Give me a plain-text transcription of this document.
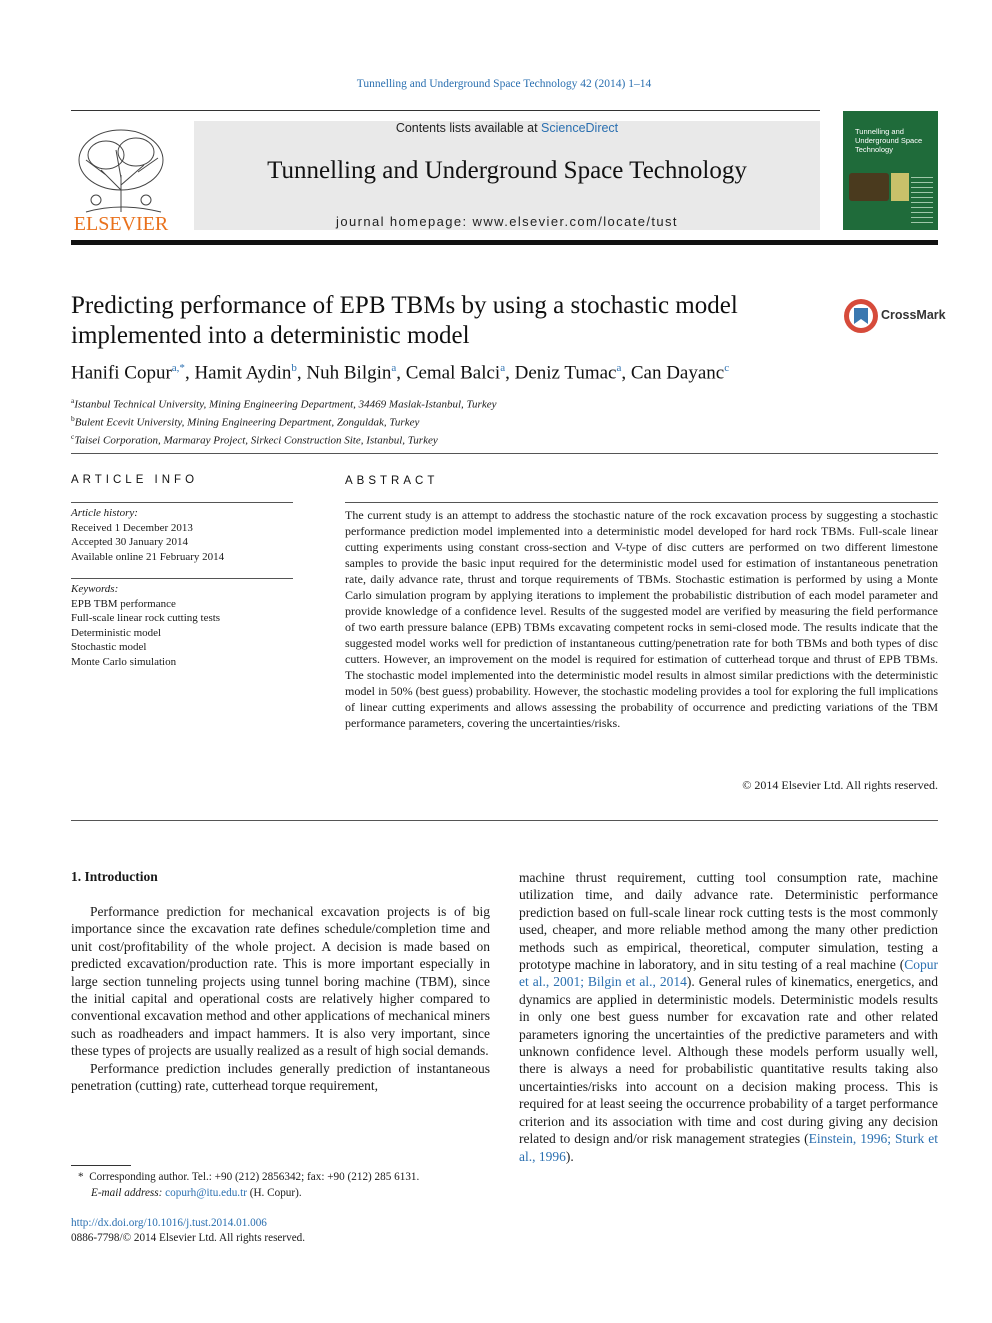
Tunnelling and Underground Space Technology 42 (2014) 1–14
ELSEVIER
Contents lists available at ScienceDirect
Tunnelling and Underground Space Technology
journal homepage: www.elsevier.com/locate/tust
Tunnelling and Underground Space Technology
Predicting performance of EPB TBMs by using a stochastic model implemented into a deterministic model
CrossMark
Hanifi Copur$^{a,*}$, Hamit Aydin$^b$, Nuh Bilgin$^a$, Cemal Balci$^a$, Deniz Tumac$^a$, Can Dayanc$^c$
$^a$Istanbul Technical University, Mining Engineering Department, 34469 Maslak-Istanbul, Turkey
$^b$Bulent Ecevit University, Mining Engineering Department, Zonguldak, Turkey
$^c$Taisei Corporation, Marmaray Project, Sirkeci Construction Site, Istanbul, Turkey
ARTICLE INFO
Article history:
Received 1 December 2013
Accepted 30 January 2014
Available online 21 February 2014
Keywords:
EPB TBM performance
Full-scale linear rock cutting tests
Deterministic model
Stochastic model
Monte Carlo simulation
ABSTRACT
The current study is an attempt to address the stochastic nature of the rock excavation process by suggesting a stochastic performance prediction model implemented into a deterministic model developed for hard rock TBMs. Full-scale linear cutting experiments using constant cross-section and V-type of disc cutters are performed on two different limestone samples to provide the basic input required for the deterministic model used for estimation of instantaneous penetration rate, daily advance rate, thrust and torque requirements of TBMs. Stochastic estimation is performed by using a Monte Carlo simulation program by applying iterations to implement the probabilistic distribution of each model parameter and provide knowledge of a confidence level. Results of the suggested model are verified by measuring the field performance of two earth pressure balance (EPB) TBMs excavating competent rocks in semi-closed mode. The results indicate that the suggested model works well for prediction of instantaneous cutting/penetration rate for both TBMs and both types of disc cutters. However, an improvement on the model is required for estimation of cutterhead torque and thrust of EPB TBMs. The stochastic model implemented into the deterministic model results in almost similar predictions with the deterministic model in 50% (best guess) probability. However, the stochastic modeling provides a tool for exploring the full implications of linear cutting experiments and allows assessing the probability of occurrence and predicting variations of the TBM performance parameters, covering the uncertainties/risks.
© 2014 Elsevier Ltd. All rights reserved.
1. Introduction

Performance prediction for mechanical excavation projects is of big importance since the excavation rate defines schedule/completion time and unit cost/profitability of the whole project. A decision is made based on predicted excavation/production rate. This is more important especially in large section tunneling projects using tunnel boring machine (TBM), since the initial capital and operational costs are relatively higher compared to conventional excavation method and other applications of mechanical miners such as roadheaders and impact hammers. It is also very important, since these types of projects are usually realized as a result of high social demands.

Performance prediction includes generally prediction of instantaneous penetration (cutting) rate, cutterhead torque requirement,

machine thrust requirement, cutting tool consumption rate, machine utilization time, and daily advance rate. Deterministic performance prediction based on full-scale linear rock cutting tests is the most commonly used, cheaper, and more reliable method among the many other prediction methods such as empirical, theoretical, computer simulation, testing a prototype machine in laboratory, and in situ testing of a real machine (Copur et al., 2001; Bilgin et al., 2014). General rules of kinematics, energetics, and dynamics are applied in deterministic models. Deterministic models results in only one best guess number for excavation rate and other related parameters ignoring the uncertainties of the predictive parameters and with unknown confidence level. Although these models perform usually well, there is always a need for probabilistic quantitative results taking also uncertainties/risks into account on a decision making process. This is required for at least seeing the occurrence probability of a target performance criterion and its association with time and cost during giving any decision related to design and/or risk management strategies (Einstein, 1996; Sturk et al., 1996).

* Corresponding author. Tel.: +90 (212) 2856342; fax: +90 (212) 285 6131.
E-mail address: copurh@itu.edu.tr (H. Copur).
http://dx.doi.org/10.1016/j.tust.2014.01.006
0886-7798/© 2014 Elsevier Ltd. All rights reserved.
